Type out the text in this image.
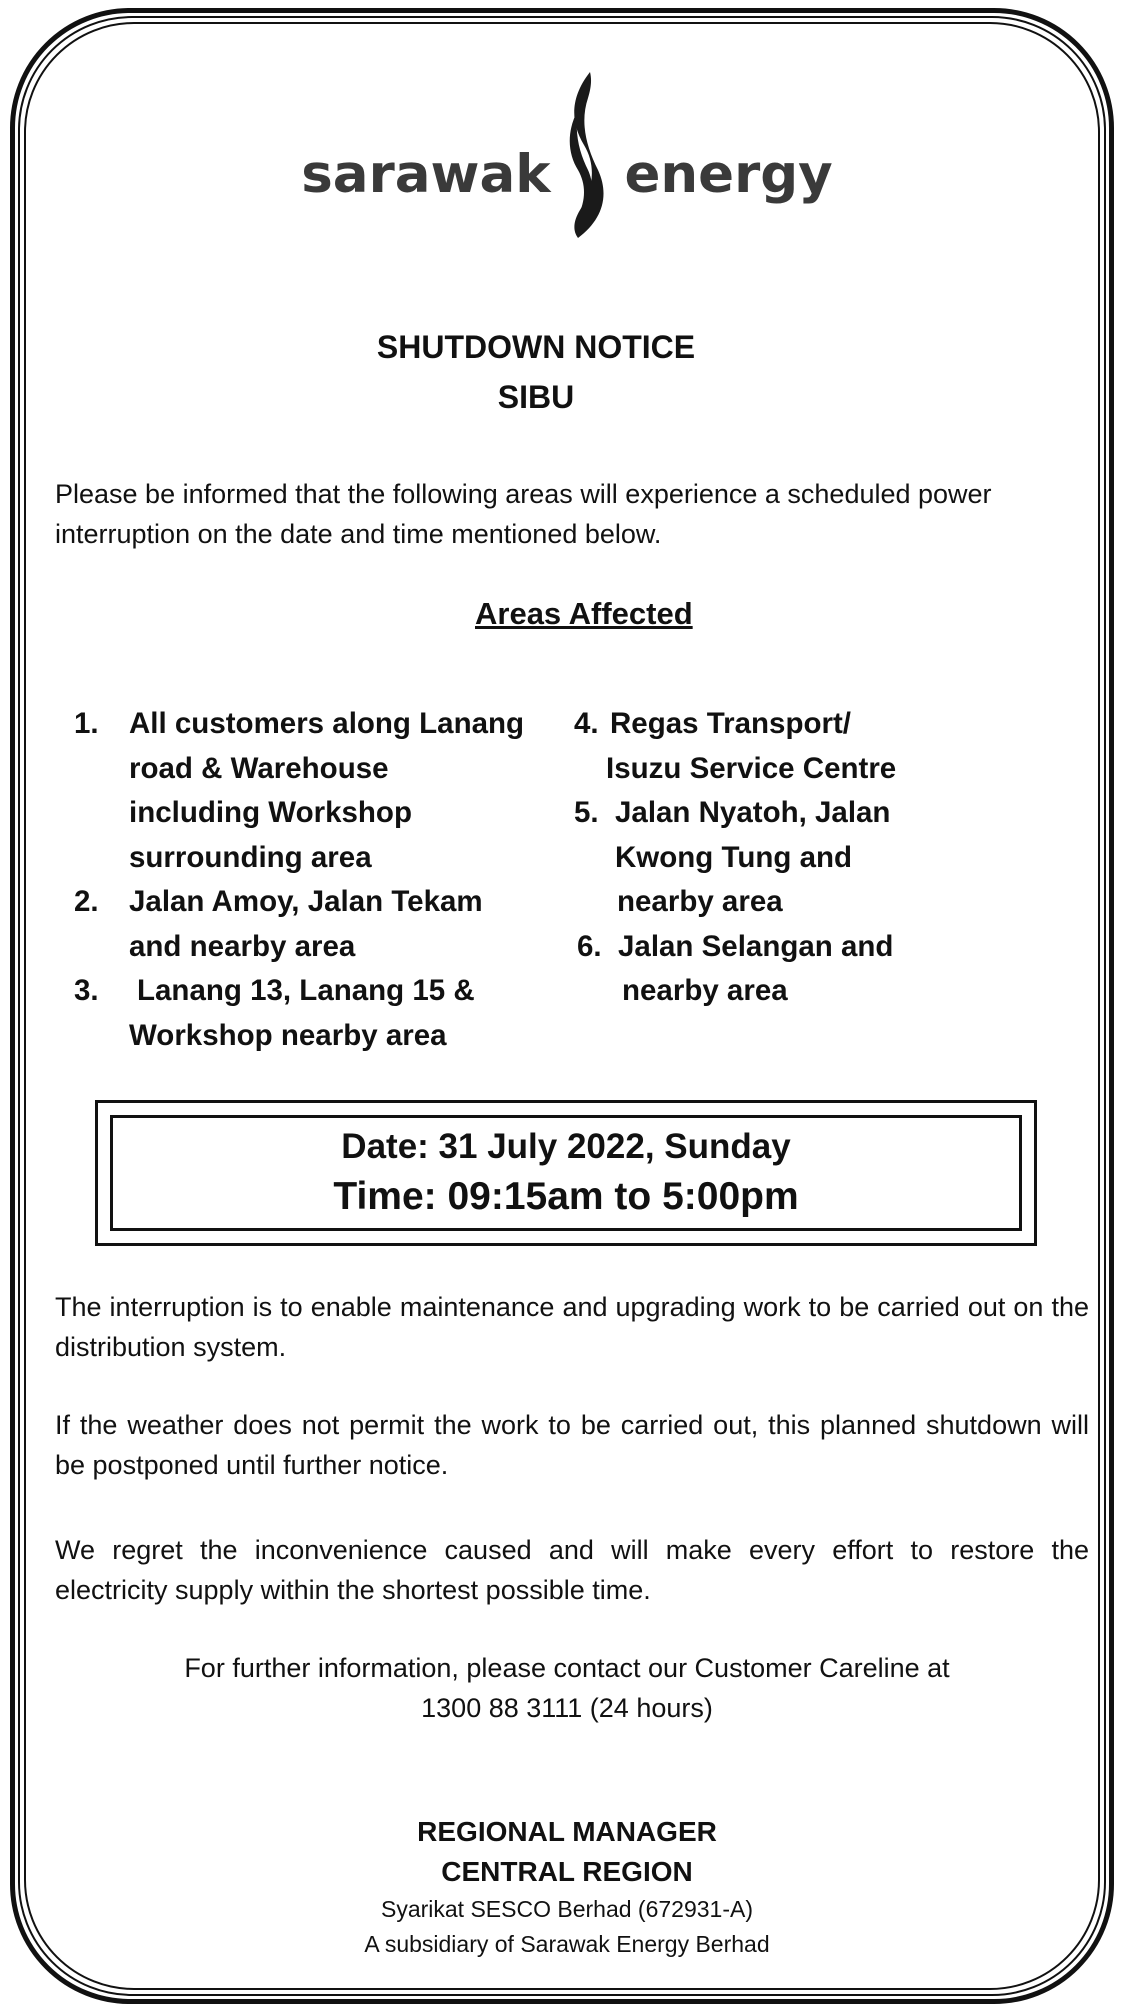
sarawak energy
SHUTDOWN NOTICE
SIBU

Please be informed that the following areas will experience a scheduled power interruption on the date and time mentioned below.

Areas Affected
1. All customers along Lanang
road & Warehouse
including Workshop
surrounding area
2. Jalan Amoy, Jalan Tekam
and nearby area
3. Lanang 13, Lanang 15 &
Workshop nearby area
4. Regas Transport/
Isuzu Service Centre
5. Jalan Nyatoh, Jalan
Kwong Tung and
nearby area
6. Jalan Selangan and
nearby area
Date: 31 July 2022, Sunday
Time: 09:15am to 5:00pm

The interruption is to enable maintenance and upgrading work to be carried out on the distribution system.

If the weather does not permit the work to be carried out, this planned shutdown will be postponed until further notice.

We regret the inconvenience caused and will make every effort to restore the electricity supply within the shortest possible time.

For further information, please contact our Customer Careline at
1300 88 3111 (24 hours)
REGIONAL MANAGER
CENTRAL REGION
Syarikat SESCO Berhad (672931-A)
A subsidiary of Sarawak Energy Berhad
